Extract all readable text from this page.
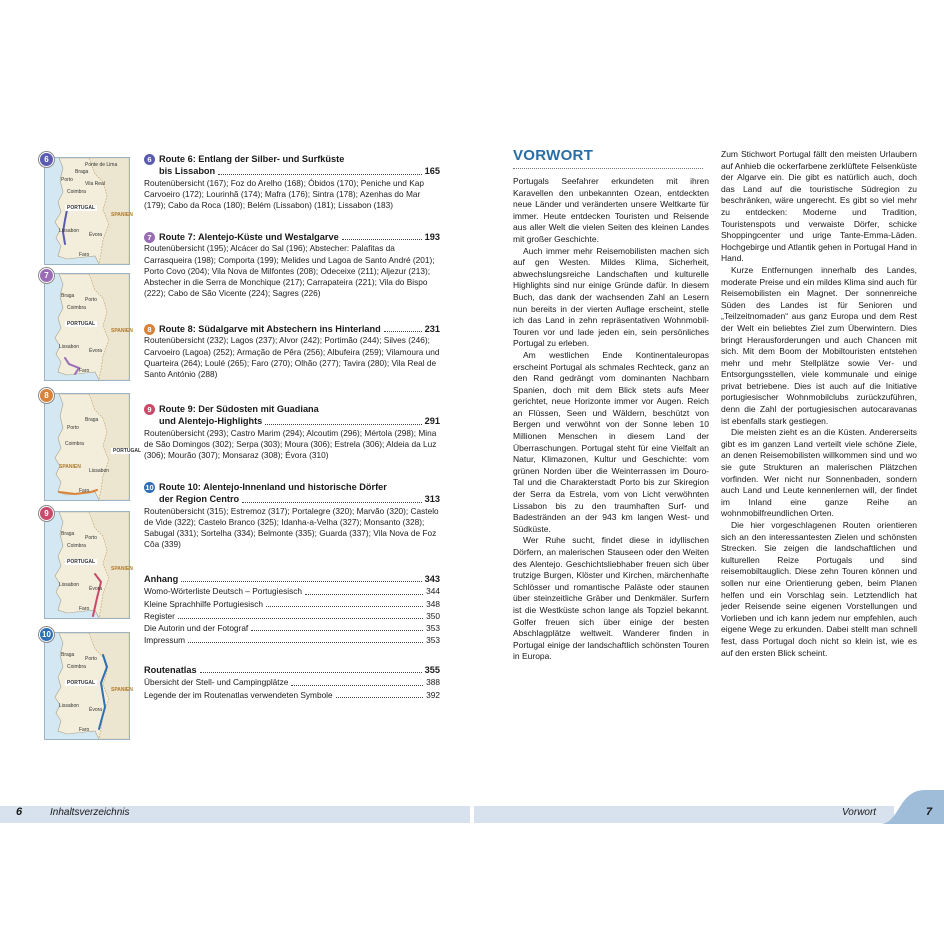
6
Ponte de Lima
Braga
Porto
Vila Real
Coimbra
PORTUGAL
SPANIEN
Lissabon
Évora
Faro
7
Braga
Porto
Coimbra
PORTUGAL
SPANIEN
Lissabon
Évora
Faro
8
Braga
Porto
Coimbra
PORTUGAL
SPANIEN
Lissabon
Faro
9
Braga
Porto
Coimbra
PORTUGAL
SPANIEN
Lissabon
Évora
Faro
10
Braga
Porto
Coimbra
PORTUGAL
SPANIEN
Lissabon
Évora
Faro
6 Route 6: Entlang der Silber- und Surfküste
bis Lissabon	165
Routenübersicht (167); Foz do Arelho (168); Óbidos (170); Peniche und Kap Carvoeiro (172); Lourinhã (174); Mafra (176); Sintra (178); Azenhas do Mar (179); Cabo da Roca (180); Belém (Lissabon) (181); Lissabon (183)
7 Route 7: Alentejo-Küste und Westalgarve	193
Routenübersicht (195); Alcácer do Sal (196); Abstecher: Palafitas da Carrasqueira (198); Comporta (199); Melides und Lagoa de Santo André (201); Porto Covo (204); Vila Nova de Milfontes (208); Odeceixe (211); Aljezur (213); Abstecher in die Serra de Monchique (217); Carrapateira (221); Vila do Bispo (222); Cabo de São Vicente (224); Sagres (226)
8 Route 8: Südalgarve mit Abstechern ins Hinterland	231
Routenübersicht (232); Lagos (237); Alvor (242); Portimão (244); Silves (246); Carvoeiro (Lagoa) (252); Armação de Pêra (256); Albufeira (259); Vilamoura und Quarteira (264); Loulé (265); Faro (270); Olhão (277); Tavira (280); Vila Real de Santo António (288)
9 Route 9: Der Südosten mit Guadiana
und Alentejo-Highlights	291
Routenübersicht (293); Castro Marim (294); Alcoutim (296); Mértola (298); Mina de São Domingos (302); Serpa (303); Moura (306); Estrela (306); Aldeia da Luz (306); Mourão (307); Monsaraz (308); Évora (310)
10 Route 10: Alentejo-Innenland und historische Dörfer
der Region Centro	313
Routenübersicht (315); Estremoz (317); Portalegre (320); Marvão (320); Castelo de Vide (322); Castelo Branco (325); Idanha-a-Velha (327); Monsanto (328); Sabugal (331); Sortelha (334); Belmonte (335); Guarda (337); Vila Nova de Foz Côa (339)
Anhang	343
Womo-Wörterliste Deutsch – Portugiesisch	344
Kleine Sprachhilfe Portugiesisch	348
Register	350
Die Autorin und der Fotograf	353
Impressum	353
Routenatlas	355
Übersicht der Stell- und Campingplätze	388
Legende der im Routenatlas verwendeten Symbole	392
VORWORT

Portugals Seefahrer erkundeten mit ihren Karavellen den unbekannten Ozean, entdeckten neue Länder und veränderten unsere Weltkarte für immer. Heute entdecken Touristen und Reisende aus aller Welt die vielen Seiten des kleinen Landes mit großer Geschichte.

Auch immer mehr Reisemobilisten machen sich auf gen Westen. Mildes Klima, Sicherheit, abwechslungsreiche Landschaften und kulturelle Highlights sind nur einige Gründe dafür. In diesem Buch, das dank der wachsenden Zahl an Lesern nun bereits in der vierten Auflage erscheint, stelle ich das Land in zehn repräsentativen Wohnmobil-Touren vor und lade jeden ein, sein persönliches Portugal zu erleben.

Am westlichen Ende Kontinentaleuropas erscheint Portugal als schmales Rechteck, ganz an den Rand gedrängt vom dominanten Nachbarn Spanien, doch mit dem Blick stets aufs Meer gerichtet, neue Horizonte immer vor Augen. Reich an Flüssen, Seen und Wäldern, beschützt von Bergen und verwöhnt von der Sonne leben 10 Millionen Menschen in diesem Land der Überraschungen. Portugal steht für eine Vielfalt an Natur, Klimazonen, Kultur und Geschichte: vom grünen Norden über die Weinterrassen im Douro-Tal und die Charakterstadt Porto bis zur Skiregion der Serra da Estrela, vom von Licht verwöhnten Lissabon bis zu den traumhaften Surf- und Badestränden an der 943 km langen West- und Südküste.

Wer Ruhe sucht, findet diese in idyllischen Dörfern, an malerischen Stauseen oder den Weiten des Alentejo. Geschichtsliebhaber freuen sich über trutzige Burgen, Klöster und Kirchen, märchenhafte Schlösser und romantische Paläste oder staunen über steinzeitliche Gräber und Denkmäler. Surfern ist die Westküste schon lange als Topziel bekannt. Golfer freuen sich über einige der besten Abschlagplätze weltweit. Wanderer finden in Portugal einige der landschaftlich schönsten Touren in Europa.

Zum Stichwort Portugal fällt den meisten Urlaubern auf Anhieb die ockerfarbene zerklüftete Felsenküste der Algarve ein. Die gibt es natürlich auch, doch das Land auf die touristische Südregion zu beschränken, wäre ungerecht. Es gibt so viel mehr zu entdecken: Moderne und Tradition, Touristenspots und verwaiste Dörfer, schicke Shoppingcenter und urige Tante-Emma-Läden. Hochgebirge und Atlantik gehen in Portugal Hand in Hand.

Kurze Entfernungen innerhalb des Landes, moderate Preise und ein mildes Klima sind auch für Reisemobilisten ein Magnet. Der sonnenreiche Süden des Landes ist für Senioren und „Teilzeitnomaden“ aus ganz Europa und dem Rest der Welt ein beliebtes Ziel zum Überwintern. Dies bringt Herausforderungen und auch Chancen mit sich. Mit dem Boom der Mobiltouristen entstehen mehr und mehr Stellplätze sowie Ver- und Entsorgungsstellen, viele kommunale und einige privat betriebene. Dies ist auch auf die Initiative portugiesischer Wohnmobilclubs zurückzuführen, denn die Zahl der portugiesischen autocaravanas ist ebenfalls stark gestiegen.

Die meisten zieht es an die Küsten. Andererseits gibt es im ganzen Land verteilt viele schöne Ziele, an denen Reisemobilisten willkommen sind und wo sie gute Strukturen an malerischen Plätzchen vorfinden. Wer nicht nur Sonnenbaden, sondern auch Land und Leute kennenlernen will, der findet im Inland eine ganze Reihe an wohnmobilfreundlichen Orten.

Die hier vorgeschlagenen Routen orientieren sich an den interessantesten Zielen und schönsten Strecken. Sie zeigen die landschaftlichen und kulturellen Reize Portugals und sind reisemobiltauglich. Diese zehn Touren können und sollen nur eine Orientierung geben, beim Planen helfen und ein Vorschlag sein. Letztendlich hat jeder Reisende seine eigenen Vorstellungen und Vorlieben und ich kann jedem nur empfehlen, auch eigene Wege zu erkunden. Dabei stellt man schnell fest, dass Portugal doch nicht so klein ist, wie es auf den ersten Blick scheint.

6	Inhaltsverzeichnis	Vorwort	7
